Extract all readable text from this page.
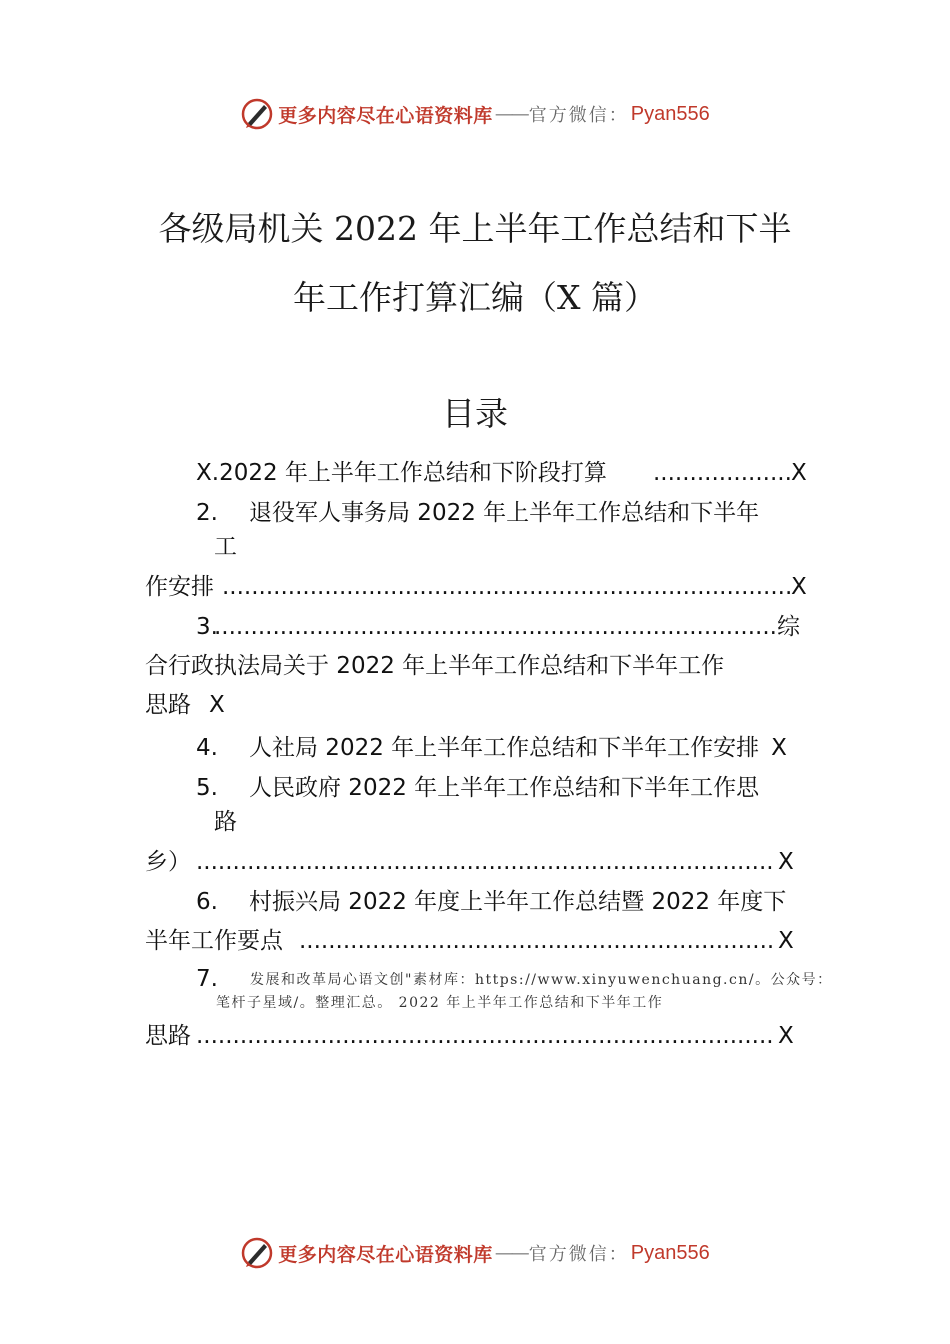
更多内容尽在心语资料库 —— 官方微信： Pyan556
各级局机关 2022 年上半年工作总结和下半
年工作打算汇编（X 篇）
目录
X.2022 年上半年工作总结和下阶段打算 .....	X
2. 退役军人事务局 2022 年上半年工作总结和下半年
工
作安排 .....	X
3. .....	综
合行政执法局关于 2022 年上半年工作总结和下半年工作
思路 X
4. 人社局 2022 年上半年工作总结和下半年工作安排 X
5. 人民政府 2022 年上半年工作总结和下半年工作思
路
乡） .....	X
6. 村振兴局 2022 年度上半年工作总结暨 2022 年度下
半年工作要点 .....	X
7. 发展和改革局心语文创"素材库：https://www.xinyuwenchuang.cn/。公众号：
笔杆子星域/。整理汇总。 2022 年上半年工作总结和下半年工作
思路 .....	X
更多内容尽在心语资料库 —— 官方微信： Pyan556
